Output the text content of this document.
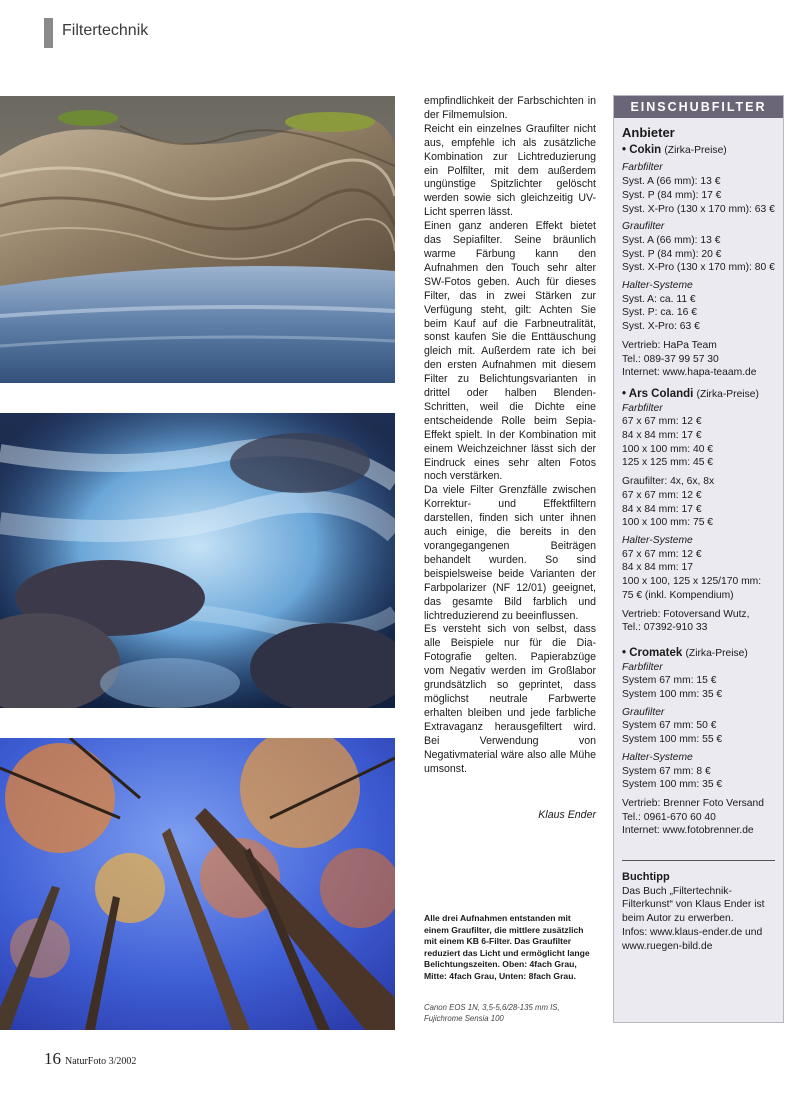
Filtertechnik

empfindlichkeit der Farbschichten in der Filmemulsion.

Reicht ein einzelnes Graufilter nicht aus, empfehle ich als zusätzliche Kombination zur Lichtreduzierung ein Polfilter, mit dem außerdem ungünstige Spitzlichter gelöscht werden sowie sich gleichzeitig UV-Licht sperren lässt.

Einen ganz anderen Effekt bietet das Sepiafilter. Seine bräunlich warme Färbung kann den Aufnahmen den Touch sehr alter SW-Fotos geben. Auch für dieses Filter, das in zwei Stärken zur Verfügung steht, gilt: Achten Sie beim Kauf auf die Farbneutralität, sonst kaufen Sie die Enttäuschung gleich mit. Außerdem rate ich bei den ersten Aufnahmen mit diesem Filter zu Belichtungsvarianten in drittel oder halben Blenden-Schritten, weil die Dichte eine entscheidende Rolle beim Sepia-Effekt spielt. In der Kombination mit einem Weichzeichner lässt sich der Eindruck eines sehr alten Fotos noch verstärken.

Da viele Filter Grenzfälle zwischen Korrektur- und Effektfiltern darstellen, finden sich unter ihnen auch einige, die bereits in den vorangegangenen Beiträgen behandelt wurden. So sind beispielsweise beide Varianten der Farbpolarizer (NF 12/01) geeignet, das gesamte Bild farblich und lichtreduzierend zu beeinflussen.

Es versteht sich von selbst, dass alle Beispiele nur für die Dia-Fotografie gelten. Papierabzüge vom Negativ werden im Großlabor grundsätzlich so geprintet, dass möglichst neutrale Farbwerte erhalten bleiben und jede farbliche Extravaganz herausgefiltert wird. Bei Verwendung von Negativmaterial wäre also alle Mühe umsonst.

Klaus Ender
Alle drei Aufnahmen entstanden mit einem Graufilter, die mittlere zusätzlich mit einem KB 6-Filter. Das Graufilter reduziert das Licht und ermöglicht lange Belichtungszeiten. Oben: 4fach Grau, Mitte: 4fach Grau, Unten: 8fach Grau.
Canon EOS 1N, 3,5-5,6/28-135 mm IS, Fujichrome Sensia 100
EINSCHUBFILTER
Anbieter
• Cokin (Zirka-Preise)
Farbfilter
Syst. A (66 mm): 13 €
Syst. P (84 mm): 17 €
Syst. X-Pro (130 x 170 mm): 63 €
Graufilter
Syst. A (66 mm): 13 €
Syst. P (84 mm): 20 €
Syst. X-Pro (130 x 170 mm): 80 €
Halter-Systeme
Syst. A: ca. 11 €
Syst. P: ca. 16 €
Syst. X-Pro: 63 €
Vertrieb: HaPa Team
Tel.: 089-37 99 57 30
Internet: www.hapa-teaam.de
• Ars Colandi (Zirka-Preise)
Farbfilter
67 x 67 mm: 12 €
84 x 84 mm: 17 €
100 x 100 mm: 40 €
125 x 125 mm: 45 €
Graufilter: 4x, 6x, 8x
67 x 67 mm: 12 €
84 x 84 mm: 17 €
100 x 100 mm: 75 €
Halter-Systeme
67 x 67 mm: 12 €
84 x 84 mm: 17
100 x 100, 125 x 125/170 mm:
75 € (inkl. Kompendium)
Vertrieb: Fotoversand Wutz,
Tel.: 07392-910 33
• Cromatek (Zirka-Preise)
Farbfilter
System 67 mm: 15 €
System 100 mm: 35 €
Graufilter
System 67 mm: 50 €
System 100 mm: 55 €
Halter-Systeme
System 67 mm: 8 €
System 100 mm: 35 €
Vertrieb: Brenner Foto Versand
Tel.: 0961-670 60 40
Internet: www.fotobrenner.de
Buchtipp
Das Buch „Filtertechnik-Filterkunst“ von Klaus Ender ist beim Autor zu erwerben.
Infos: www.klaus-ender.de und www.ruegen-bild.de
16 NaturFoto 3/2002
